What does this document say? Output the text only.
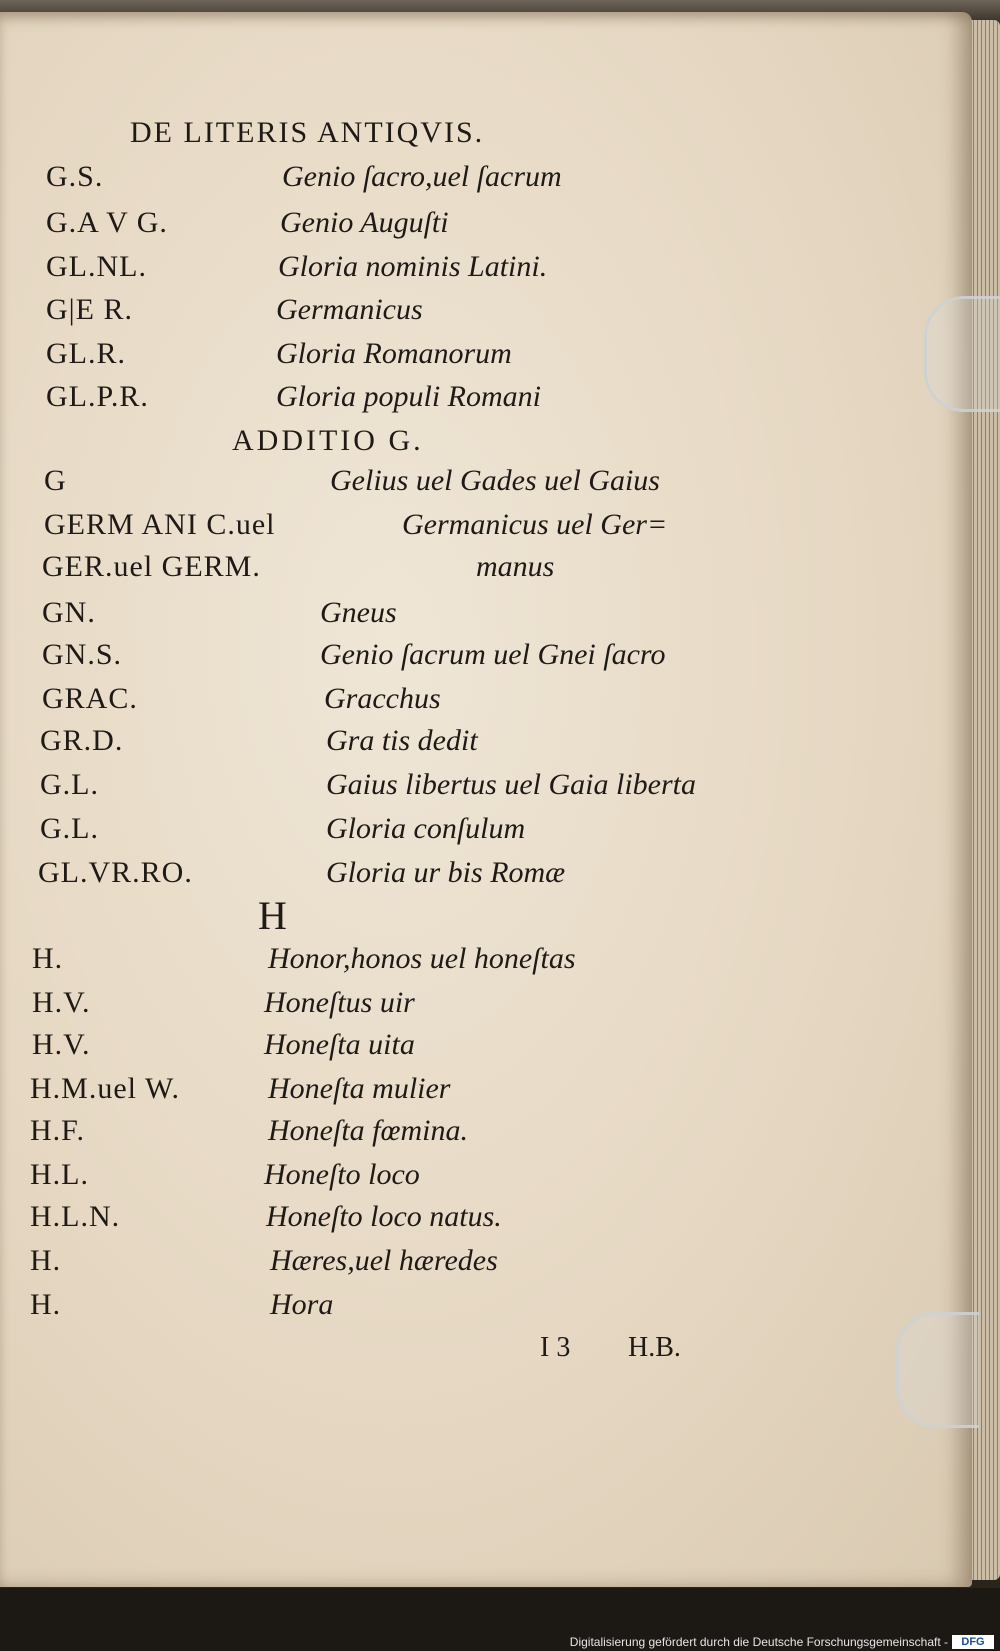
DE LITERIS ANTIQVIS.
G.S.	Genio ſacro,uel ſacrum
G.A V G.	Genio Auguſti
GL.NL.	Gloria nominis Latini.
G|E R.	Germanicus
GL.R.	Gloria Romanorum
GL.P.R.	Gloria populi Romani
ADDITIO G.
G	Gelius uel Gades uel Gaius
GERM ANI C.uel	Germanicus uel Ger=
GER.uel GERM.	manus
GN.	Gneus
GN.S.	Genio ſacrum uel Gnei ſacro
GRAC.	Gracchus
GR.D.	Gra tis dedit
G.L.	Gaius libertus uel Gaia liberta
G.L.	Gloria conſulum
GL.VR.RO.	Gloria ur bis Romæ
H
H.	Honor,honos uel honeſtas
H.V.	Honeſtus uir
H.V.	Honeſta uita
H.M.uel W.	Honeſta mulier
H.F.	Honeſta fœmina.
H.L.	Honeſto loco
H.L.N.	Honeſto loco natus.
H.	Hæres,uel hæredes
H.	Hora
I 3 H.B.
Digitalisierung gefördert durch die Deutsche Forschungsgemeinschaft -	DFG
